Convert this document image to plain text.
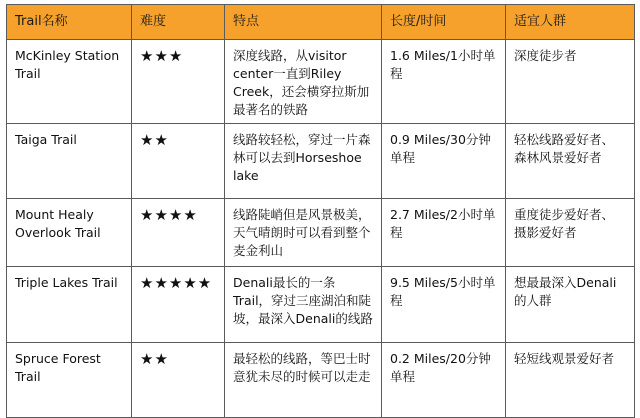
Trail名称	难度	特点	长度/时间	适宜人群
McKinley Station Trail	★★★	深度线路，从visitor center一直到Riley Creek，还会横穿拉斯加最著名的铁路	1.6 Miles/1小时单程	深度徒步者
Taiga Trail	★★	线路较轻松，穿过一片森林可以去到Horseshoe lake	0.9 Miles/30分钟单程	轻松线路爱好者、森林风景爱好者
Mount Healy Overlook Trail	★★★★	线路陡峭但是风景极美，天气晴朗时可以看到整个麦金利山	2.7 Miles/2小时单程	重度徒步爱好者、摄影爱好者
Triple Lakes Trail	★★★★★	Denali最长的一条Trail，穿过三座湖泊和陡坡，最深入Denali的线路	9.5 Miles/5小时单程	想最最深入Denali的人群
Spruce Forest Trail	★★	最轻松的线路，等巴士时意犹未尽的时候可以走走	0.2 Miles/20分钟单程	轻短线观景爱好者
